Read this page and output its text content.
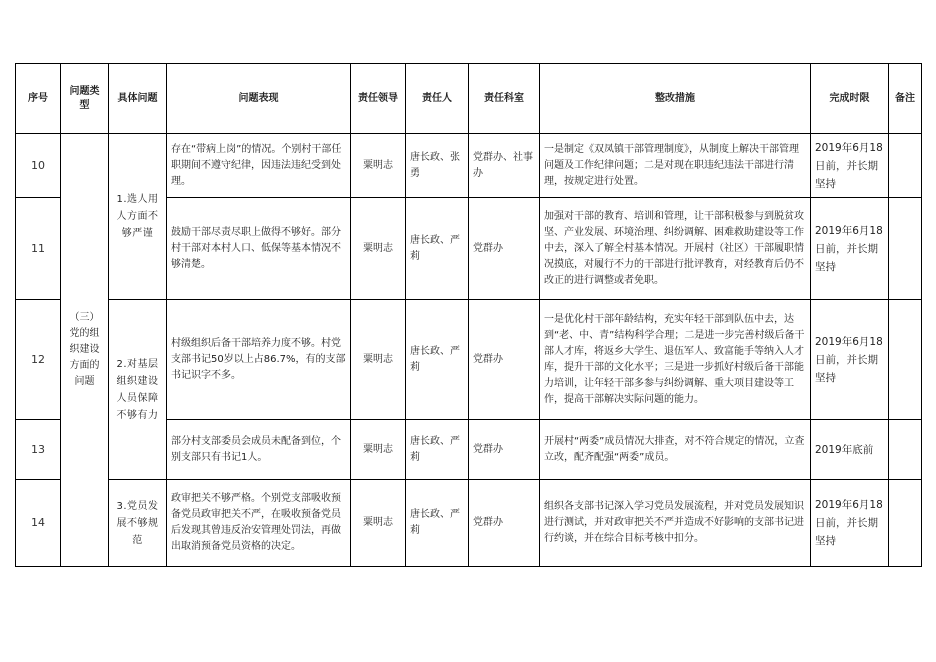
序号	问题类型	具体问题	问题表现	责任领导	责任人	责任科室	整改措施	完成时限	备注
10	（三）党的组织建设方面的问题	1.选人用人方面不够严谨	存在“带病上岗”的情况。个别村干部任职期间不遵守纪律，因违法违纪受到处理。	粟明志	唐长政、张勇	党群办、社事办	一是制定《双凤镇干部管理制度》，从制度上解决干部管理问题及工作纪律问题；二是对现在职违纪违法干部进行清理，按规定进行处置。	2019年6月18日前，并长期坚持	
11			鼓励干部尽责尽职上做得不够好。部分村干部对本村人口、低保等基本情况不够清楚。	粟明志	唐长政、严莉	党群办	加强对干部的教育、培训和管理，让干部积极参与到脱贫攻坚、产业发展、环境治理、纠纷调解、困难救助建设等工作中去，深入了解全村基本情况。开展村（社区）干部履职情况摸底，对履行不力的干部进行批评教育，对经教育后仍不改正的进行调整或者免职。	2019年6月18日前，并长期坚持	
12		2.对基层组织建设人员保障不够有力	村级组织后备干部培养力度不够。村党支部书记50岁以上占86.7%，有的支部书记识字不多。	粟明志	唐长政、严莉	党群办	一是优化村干部年龄结构，充实年轻干部到队伍中去，达到“老、中、青”结构科学合理；二是进一步完善村级后备干部人才库，将返乡大学生、退伍军人、致富能手等纳入人才库，提升干部的文化水平；三是进一步抓好村级后备干部能力培训，让年轻干部多参与纠纷调解、重大项目建设等工作，提高干部解决实际问题的能力。	2019年6月18日前，并长期坚持	
13			部分村支部委员会成员未配备到位，个别支部只有书记1人。	粟明志	唐长政、严莉	党群办	开展村“两委”成员情况大排查，对不符合规定的情况，立查立改，配齐配强“两委”成员。	2019年底前	
14		3.党员发展不够规范	政审把关不够严格。个别党支部吸收预备党员政审把关不严，在吸收预备党员后发现其曾违反治安管理处罚法，再做出取消预备党员资格的决定。	粟明志	唐长政、严莉	党群办	组织各支部书记深入学习党员发展流程，并对党员发展知识进行测试，并对政审把关不严并造成不好影响的支部书记进行约谈，并在综合目标考核中扣分。	2019年6月18日前，并长期坚持	
